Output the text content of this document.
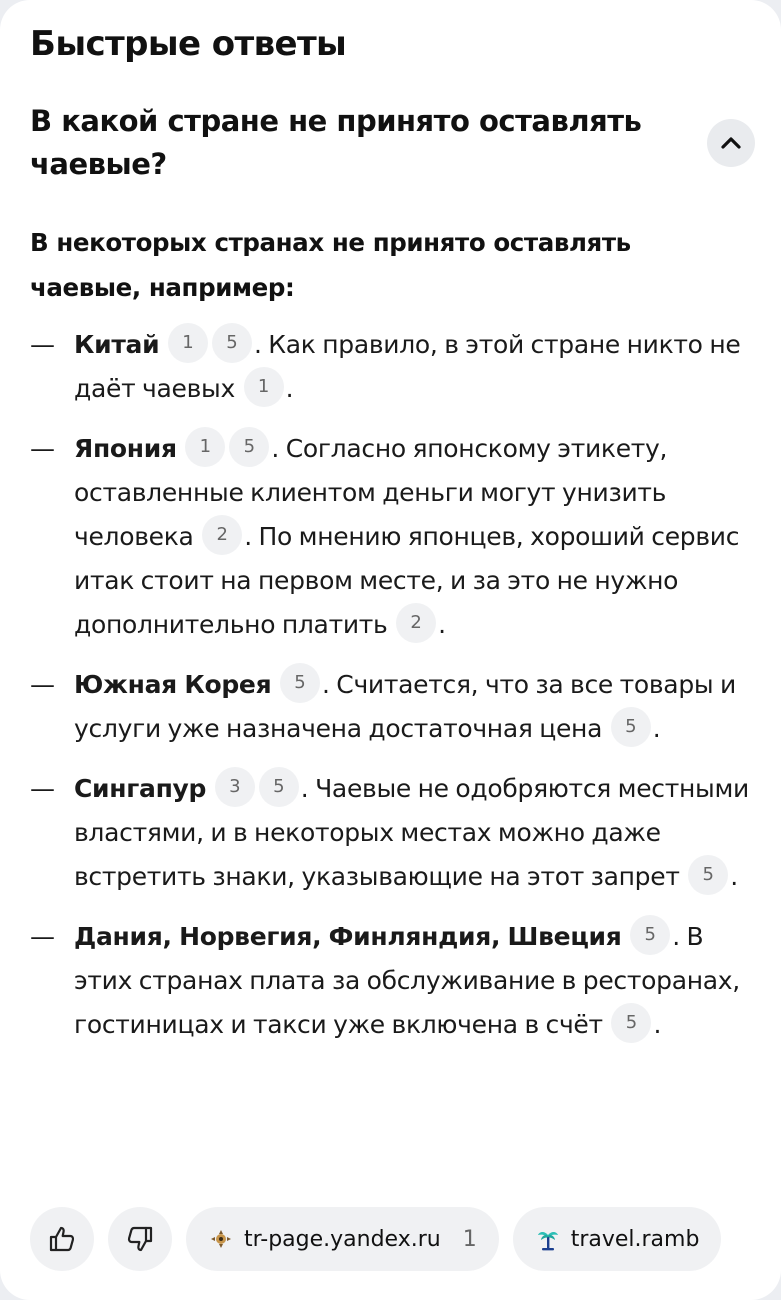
Быстрые ответы
В какой стране не принято оставлять чаевые?
В некоторых странах не принято оставлять чаевые, например:
— Китай 1 5 . Как правило, в этой стране никто не даёт чаевых 1 .
— Япония 1 5 . Согласно японскому этикету, оставленные клиентом деньги могут унизить человека 2 . По мнению японцев, хороший сервис итак стоит на первом месте, и за это не нужно дополнительно платить 2 .
— Южная Корея 5 . Считается, что за все товары и услуги уже назначена достаточная цена 5 .
— Сингапур 3 5 . Чаевые не одобряются местными властями, и в некоторых местах можно даже встретить знаки, указывающие на этот запрет 5 .
— Дания, Норвегия, Финляндия, Швеция 5 . В этих странах плата за обслуживание в ресторанах, гостиницах и такси уже включена в счёт 5 .
tr-page.yandex.ru 1	travel.ramb
